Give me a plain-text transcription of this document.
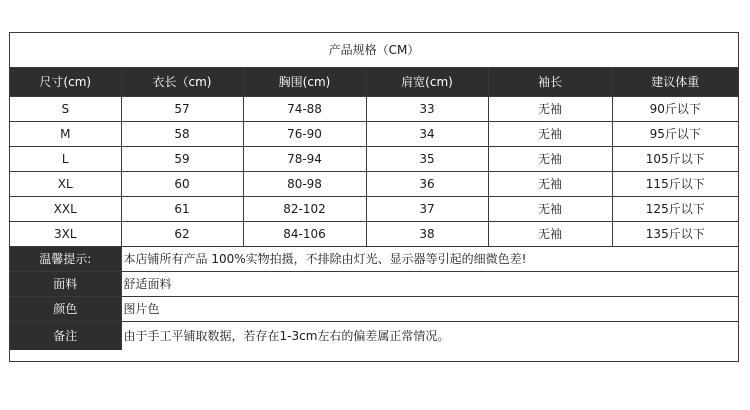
产品规格（CM）
尺寸(cm)	衣长（cm)	胸围(cm)	肩宽(cm)	袖长	建议体重
S	57	74-88	33	无袖	90斤以下
M	58	76-90	34	无袖	95斤以下
L	59	78-94	35	无袖	105斤以下
XL	60	80-98	36	无袖	115斤以下
XXL	61	82-102	37	无袖	125斤以下
3XL	62	84-106	38	无袖	135斤以下
温馨提示:	本店铺所有产品 100%实物拍摄，不排除由灯光、显示器等引起的细微色差!				
面料	舒适面料				
颜色	图片色				
备注	由于手工平铺取数据，若存在1-3cm左右的偏差属正常情况。				
